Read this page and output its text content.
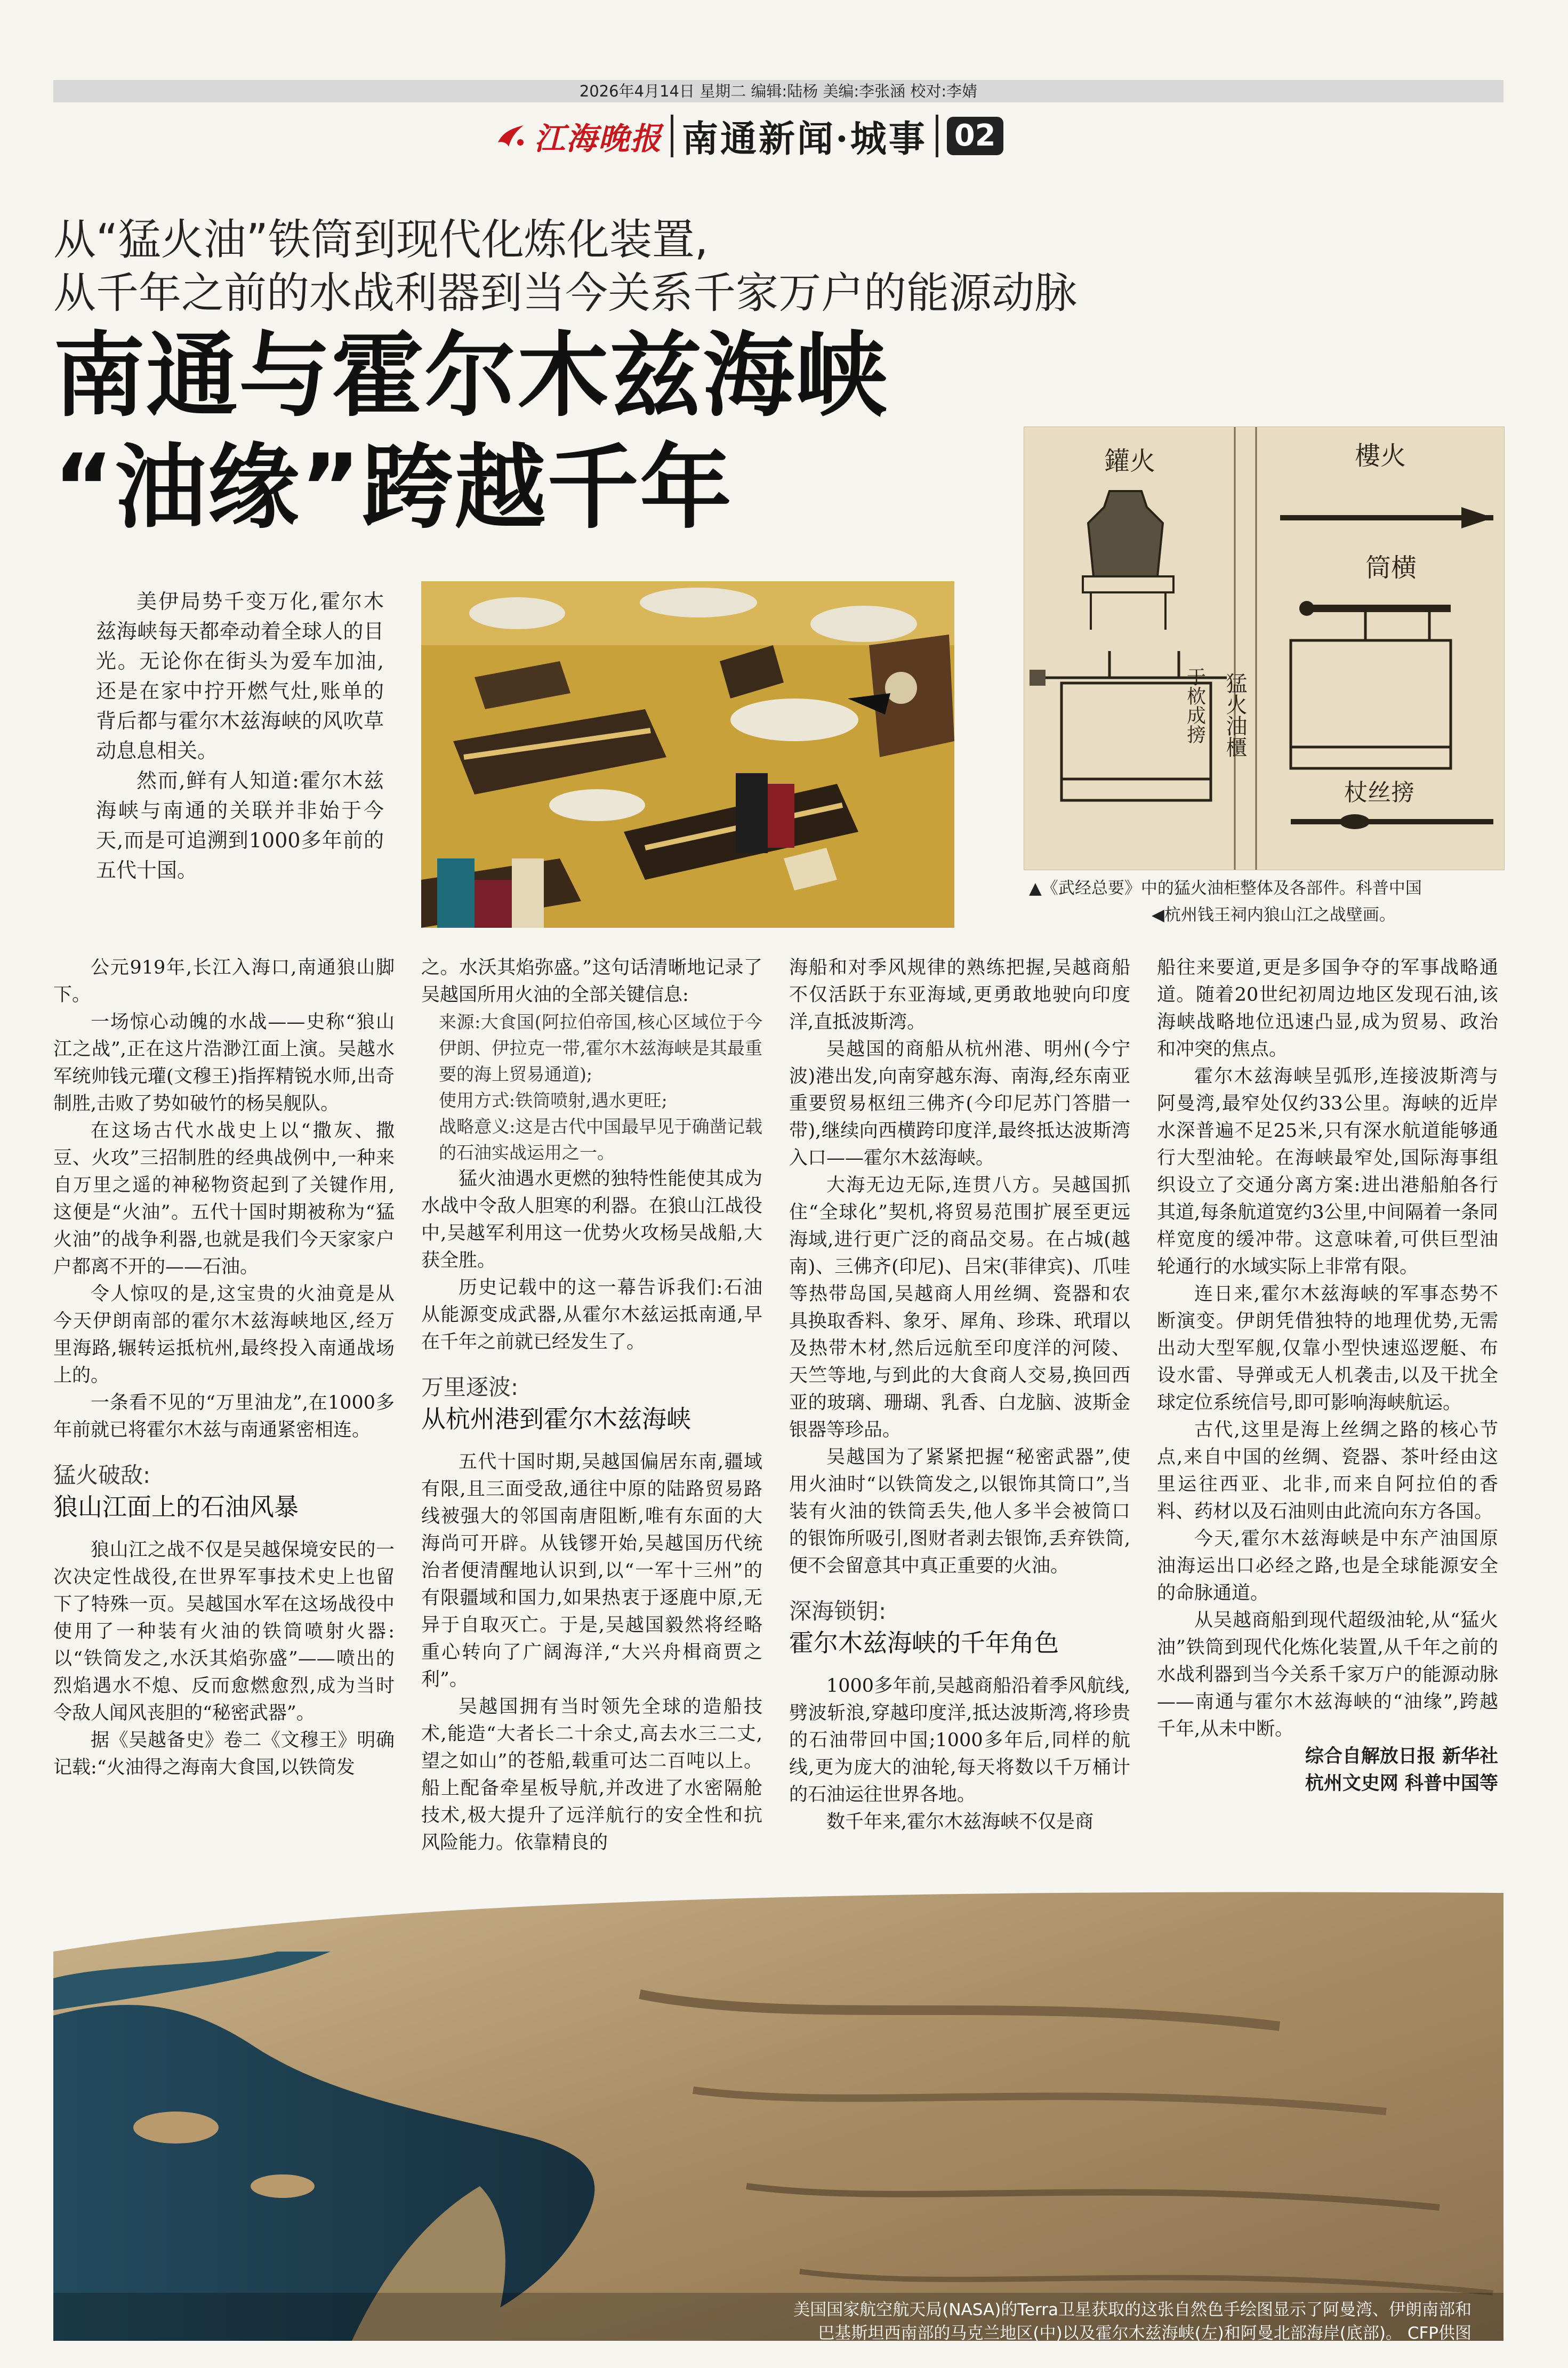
2026年4月14日 星期二 编辑:陆杨 美编:李张涵 校对:李婧
江海晚报 南通新闻·城事 02
从“猛火油”铁筒到现代化炼化装置,
从千年之前的水战利器到当今关系千家万户的能源动脉
南通与霍尔木兹海峡
“油缘”跨越千年

美伊局势千变万化,霍尔木兹海峡每天都牵动着全球人的目光。无论你在街头为爱车加油,还是在家中拧开燃气灶,账单的背后都与霍尔木兹海峡的风吹草动息息相关。

然而,鲜有人知道:霍尔木兹海峡与南通的关联并非始于今天,而是可追溯到1000多年前的五代十国。

鑵火	樓火
筒横
杖丝搒
猛火油櫃
于栨成搒
▲《武经总要》中的猛火油柜整体及各部件。科普中国
◀杭州钱王祠内狼山江之战壁画。

公元919年,长江入海口,南通狼山脚下。

一场惊心动魄的水战——史称“狼山江之战”,正在这片浩渺江面上演。吴越水军统帅钱元瓘(文穆王)指挥精锐水师,出奇制胜,击败了势如破竹的杨吴舰队。

在这场古代水战史上以“撒灰、撒豆、火攻”三招制胜的经典战例中,一种来自万里之遥的神秘物资起到了关键作用,这便是“火油”。五代十国时期被称为“猛火油”的战争利器,也就是我们今天家家户户都离不开的——石油。

令人惊叹的是,这宝贵的火油竟是从今天伊朗南部的霍尔木兹海峡地区,经万里海路,辗转运抵杭州,最终投入南通战场上的。

一条看不见的“万里油龙”,在1000多年前就已将霍尔木兹与南通紧密相连。

猛火破敌:
狼山江面上的石油风暴

狼山江之战不仅是吴越保境安民的一次决定性战役,在世界军事技术史上也留下了特殊一页。吴越国水军在这场战役中使用了一种装有火油的铁筒喷射火器:以“铁筒发之,水沃其焰弥盛”——喷出的烈焰遇水不熄、反而愈燃愈烈,成为当时令敌人闻风丧胆的“秘密武器”。

据《吴越备史》卷二《文穆王》明确记载:“火油得之海南大食国,以铁筒发

之。水沃其焰弥盛。”这句话清晰地记录了吴越国所用火油的全部关键信息:

来源:大食国(阿拉伯帝国,核心区域位于今伊朗、伊拉克一带,霍尔木兹海峡是其最重要的海上贸易通道);

使用方式:铁筒喷射,遇水更旺;

战略意义:这是古代中国最早见于确凿记载的石油实战运用之一。

猛火油遇水更燃的独特性能使其成为水战中令敌人胆寒的利器。在狼山江战役中,吴越军利用这一优势火攻杨吴战船,大获全胜。

历史记载中的这一幕告诉我们:石油从能源变成武器,从霍尔木兹运抵南通,早在千年之前就已经发生了。

万里逐波:
从杭州港到霍尔木兹海峡

五代十国时期,吴越国偏居东南,疆域有限,且三面受敌,通往中原的陆路贸易路线被强大的邻国南唐阻断,唯有东面的大海尚可开辟。从钱镠开始,吴越国历代统治者便清醒地认识到,以“一军十三州”的有限疆域和国力,如果热衷于逐鹿中原,无异于自取灭亡。于是,吴越国毅然将经略重心转向了广阔海洋,“大兴舟楫商贾之利”。

吴越国拥有当时领先全球的造船技术,能造“大者长二十余丈,高去水三二丈,望之如山”的苍船,载重可达二百吨以上。船上配备牵星板导航,并改进了水密隔舱技术,极大提升了远洋航行的安全性和抗风险能力。依靠精良的

海船和对季风规律的熟练把握,吴越商船不仅活跃于东亚海域,更勇敢地驶向印度洋,直抵波斯湾。

吴越国的商船从杭州港、明州(今宁波)港出发,向南穿越东海、南海,经东南亚重要贸易枢纽三佛齐(今印尼苏门答腊一带),继续向西横跨印度洋,最终抵达波斯湾入口——霍尔木兹海峡。

大海无边无际,连贯八方。吴越国抓住“全球化”契机,将贸易范围扩展至更远海域,进行更广泛的商品交易。在占城(越南)、三佛齐(印尼)、吕宋(菲律宾)、爪哇等热带岛国,吴越商人用丝绸、瓷器和农具换取香料、象牙、犀角、珍珠、玳瑁以及热带木材,然后远航至印度洋的河陵、天竺等地,与到此的大食商人交易,换回西亚的玻璃、珊瑚、乳香、白龙脑、波斯金银器等珍品。

吴越国为了紧紧把握“秘密武器”,使用火油时“以铁筒发之,以银饰其筒口”,当装有火油的铁筒丢失,他人多半会被筒口的银饰所吸引,图财者剥去银饰,丢弃铁筒,便不会留意其中真正重要的火油。

深海锁钥:
霍尔木兹海峡的千年角色

1000多年前,吴越商船沿着季风航线,劈波斩浪,穿越印度洋,抵达波斯湾,将珍贵的石油带回中国;1000多年后,同样的航线,更为庞大的油轮,每天将数以千万桶计的石油运往世界各地。

数千年来,霍尔木兹海峡不仅是商

船往来要道,更是多国争夺的军事战略通道。随着20世纪初周边地区发现石油,该海峡战略地位迅速凸显,成为贸易、政治和冲突的焦点。

霍尔木兹海峡呈弧形,连接波斯湾与阿曼湾,最窄处仅约33公里。海峡的近岸水深普遍不足25米,只有深水航道能够通行大型油轮。在海峡最窄处,国际海事组织设立了交通分离方案:进出港船舶各行其道,每条航道宽约3公里,中间隔着一条同样宽度的缓冲带。这意味着,可供巨型油轮通行的水域实际上非常有限。

连日来,霍尔木兹海峡的军事态势不断演变。伊朗凭借独特的地理优势,无需出动大型军舰,仅靠小型快速巡逻艇、布设水雷、导弹或无人机袭击,以及干扰全球定位系统信号,即可影响海峡航运。

古代,这里是海上丝绸之路的核心节点,来自中国的丝绸、瓷器、茶叶经由这里运往西亚、北非,而来自阿拉伯的香料、药材以及石油则由此流向东方各国。

今天,霍尔木兹海峡是中东产油国原油海运出口必经之路,也是全球能源安全的命脉通道。

从吴越商船到现代超级油轮,从“猛火油”铁筒到现代化炼化装置,从千年之前的水战利器到当今关系千家万户的能源动脉——南通与霍尔木兹海峡的“油缘”,跨越千年,从未中断。

综合自解放日报 新华社
杭州文史网 科普中国等
美国国家航空航天局(NASA)的Terra卫星获取的这张自然色手绘图显示了阿曼湾、伊朗南部和
巴基斯坦西南部的马克兰地区(中)以及霍尔木兹海峡(左)和阿曼北部海岸(底部)。 CFP供图
